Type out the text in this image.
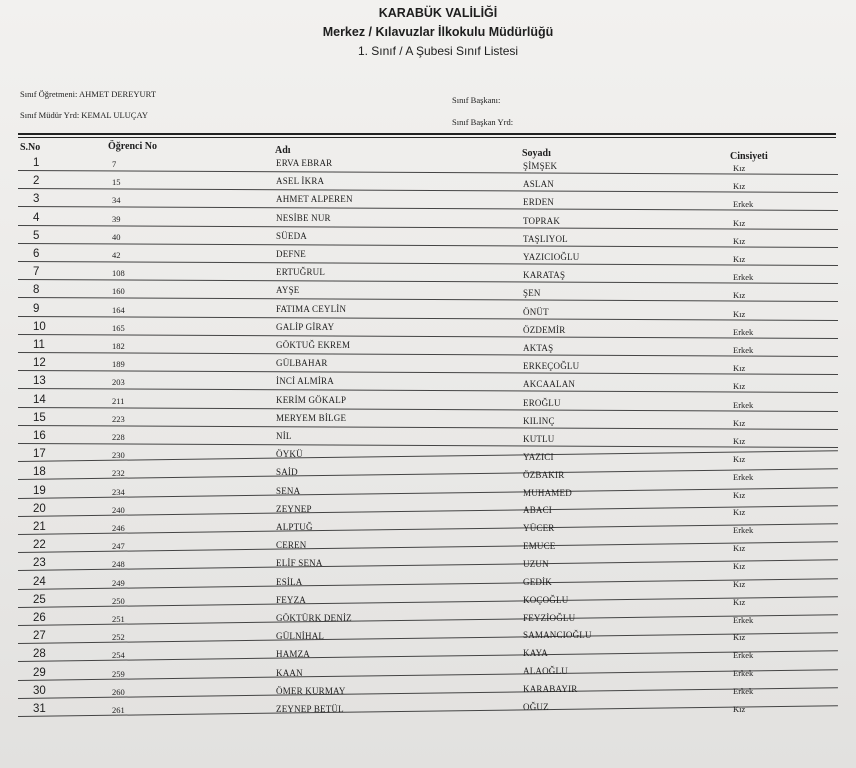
KARABÜK VALİLİĞİ
Merkez / Kılavuzlar İlkokulu Müdürlüğü
1. Sınıf / A Şubesi Sınıf Listesi
Sınıf Öğretmeni: AHMET DEREYURT
Sınıf Müdür Yrd: KEMAL ULUÇAY
Sınıf Başkanı:
Sınıf Başkan Yrd:
S.No	Öğrenci No	Adı	Soyadı	Cinsiyeti
1	7	ERVA EBRAR	ŞİMŞEK	Kız
2	15	ASEL İKRA	ASLAN	Kız
3	34	AHMET ALPEREN	ERDEN	Erkek
4	39	NESİBE NUR	TOPRAK	Kız
5	40	SÜEDA	TAŞLIYOL	Kız
6	42	DEFNE	YAZICIOĞLU	Kız
7	108	ERTUĞRUL	KARATAŞ	Erkek
8	160	AYŞE	ŞEN	Kız
9	164	FATIMA CEYLİN	ÖNÜT	Kız
10	165	GALİP GİRAY	ÖZDEMİR	Erkek
11	182	GÖKTUĞ EKREM	AKTAŞ	Erkek
12	189	GÜLBAHAR	ERKEÇOĞLU	Kız
13	203	İNCİ ALMİRA	AKCAALAN	Kız
14	211	KERİM GÖKALP	EROĞLU	Erkek
15	223	MERYEM BİLGE	KILINÇ	Kız
16	228	NİL	KUTLU	Kız
17	230	ÖYKÜ	YAZICI	Kız
18	232	SAİD	ÖZBAKIR	Erkek
19	234	SENA	MUHAMED	Kız
20	240	ZEYNEP	ABACI	Kız
21	246	ALPTUĞ	YÜCER	Erkek
22	247	CEREN	EMUCE	Kız
23	248	ELİF SENA	UZUN	Kız
24	249	ESİLA	GEDİK	Kız
25	250	FEYZA	KOÇOĞLU	Kız
26	251	GÖKTÜRK DENİZ	FEYZİOĞLU	Erkek
27	252	GÜLNİHAL	SAMANCIOĞLU	Kız
28	254	HAMZA	KAYA	Erkek
29	259	KAAN	ALAOĞLU	Erkek
30	260	ÖMER KURMAY	KARABAYIR	Erkek
31	261	ZEYNEP BETÜL	OĞUZ	Kız
